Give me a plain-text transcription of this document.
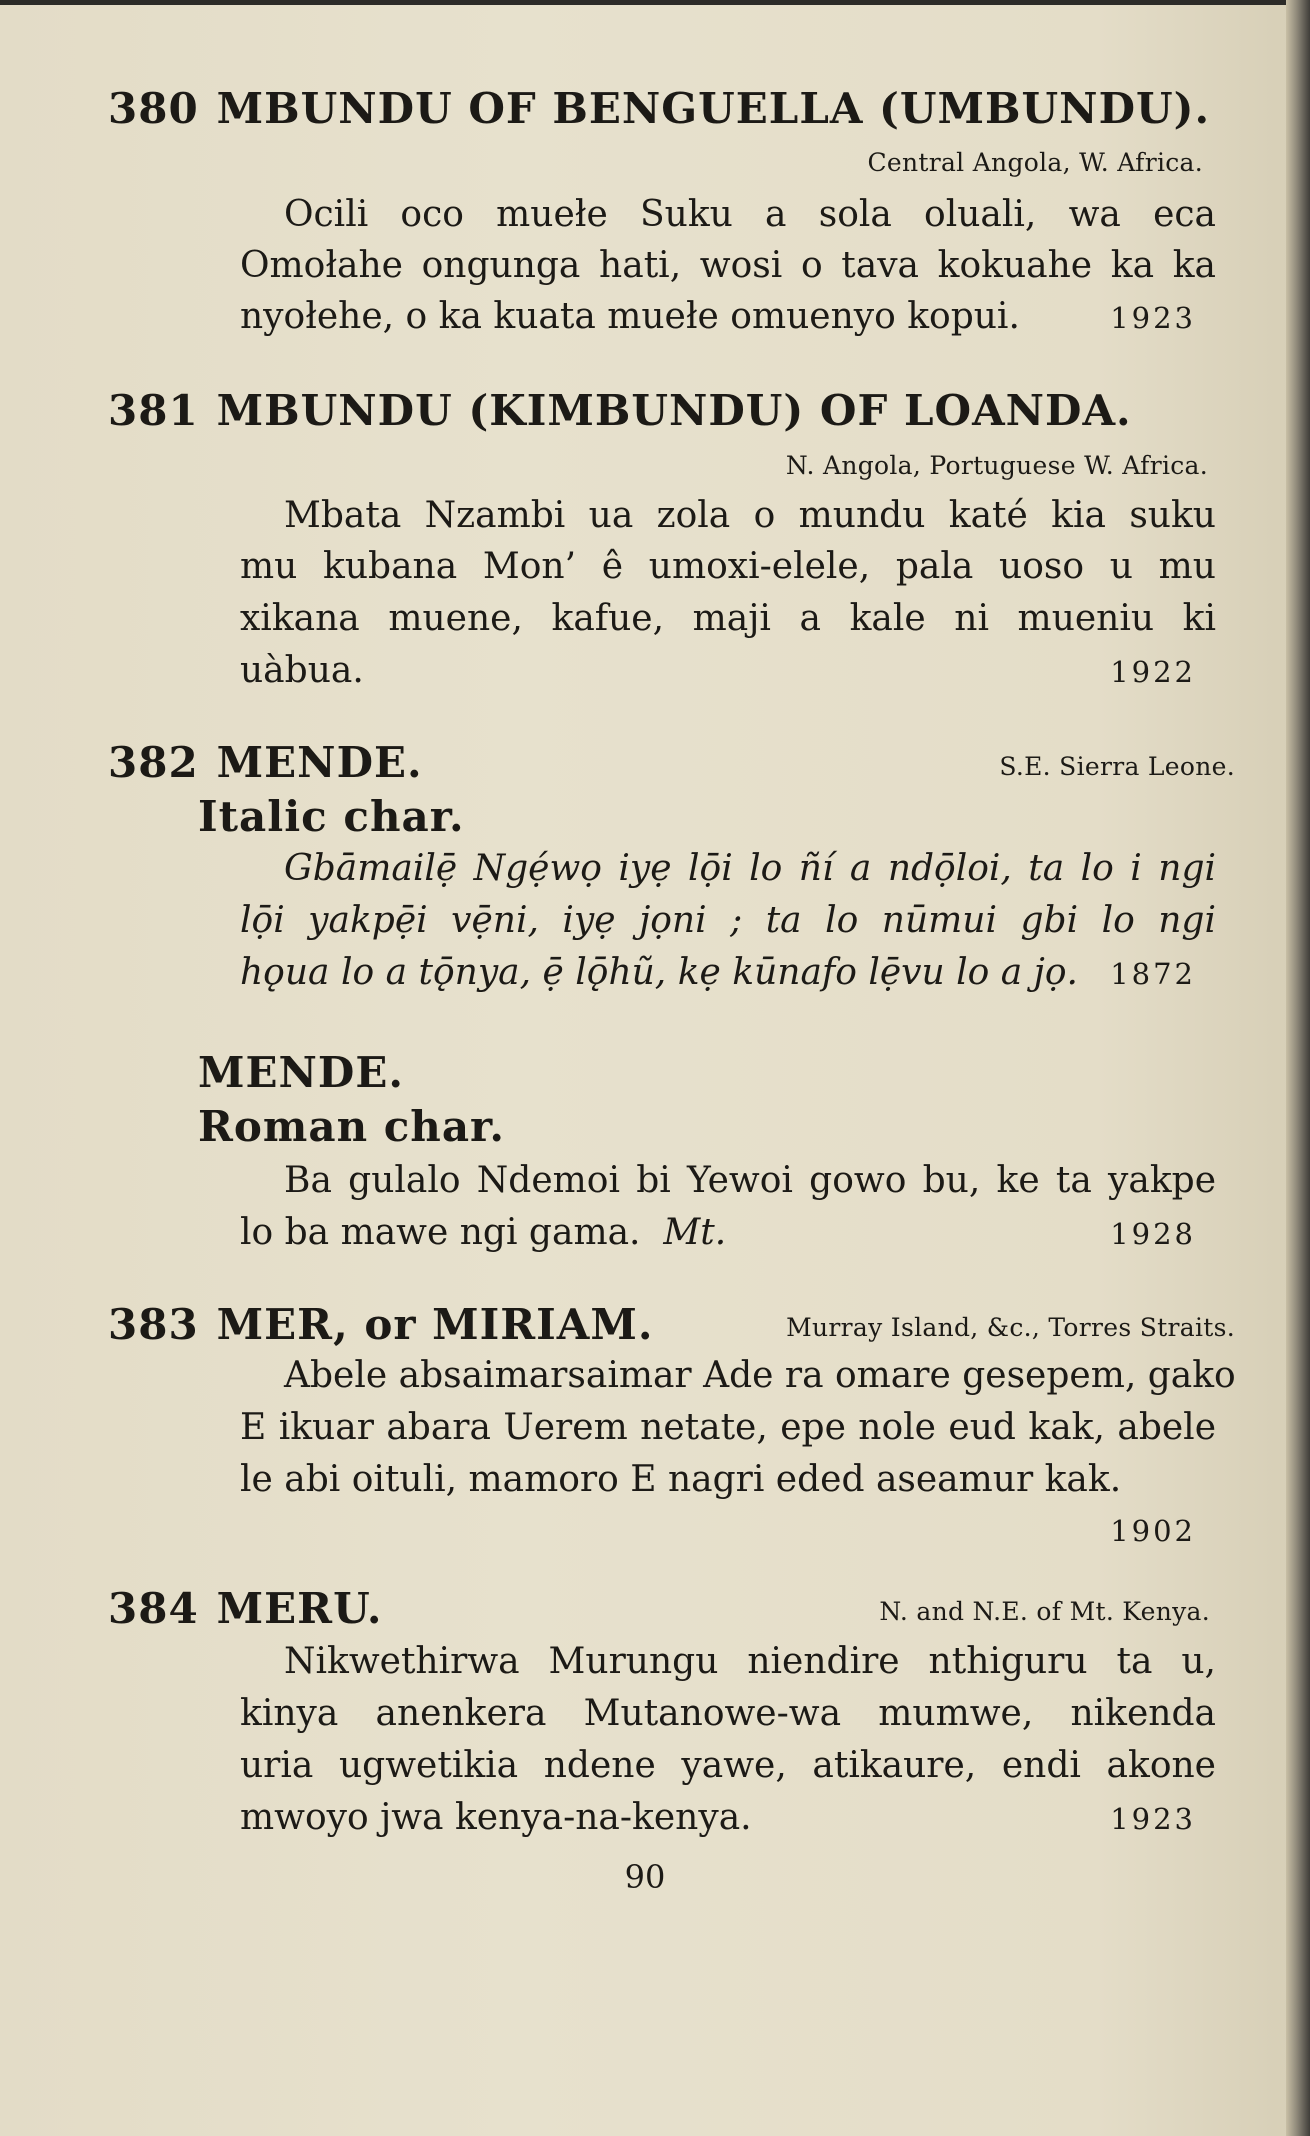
380 MBUNDU OF BENGUELLA (UMBUNDU).
Central Angola, W. Africa.
Ocili oco muełe Suku a sola oluali, wa eca
Omołahe ongunga hati, wosi o tava kokuahe ka ka
nyołehe, o ka kuata muełe omuenyo kopui.	1923
381 MBUNDU (KIMBUNDU) OF LOANDA.
N. Angola, Portuguese W. Africa.
Mbata Nzambi ua zola o mundu katé kia suku
mu kubana Mon’ ê umoxi-elele, pala uoso u mu
xikana muene, kafue, maji a kale ni mueniu ki
uàbua.	1922
382 MENDE.	S.E. Sierra Leone.
Italic char.
Gbāmailẹ̄ Ngẹ́wọ iyẹ lọ̄i lo ñí a ndọ̄loi, ta lo i ngi
lọ̄i yakpẹ̄i vẹ̄ni, iyẹ jọni ; ta lo nūmui gbi lo ngi
hǫua lo a tǭnya, ẹ̄ lǭhũ, kẹ kūnafo lẹ̄vu lo a jọ.	1872
MENDE.
Roman char.
Ba gulalo Ndemoi bi Yewoi gowo bu, ke ta yakpe
lo ba mawe ngi gama. Mt.	1928
383 MER, or MIRIAM.	Murray Island, &c., Torres Straits.
Abele absaimarsaimar Ade ra omare gesepem, gako
E ikuar abara Uerem netate, epe nole eud kak, abele
le abi oituli, mamoro E nagri eded aseamur kak.
1902
384 MERU.	N. and N.E. of Mt. Kenya.
Nikwethirwa Murungu niendire nthiguru ta u,
kinya anenkera Mutanowe-wa mumwe, nikenda
uria ugwetikia ndene yawe, atikaure, endi akone
mwoyo jwa kenya-na-kenya.	1923
90
